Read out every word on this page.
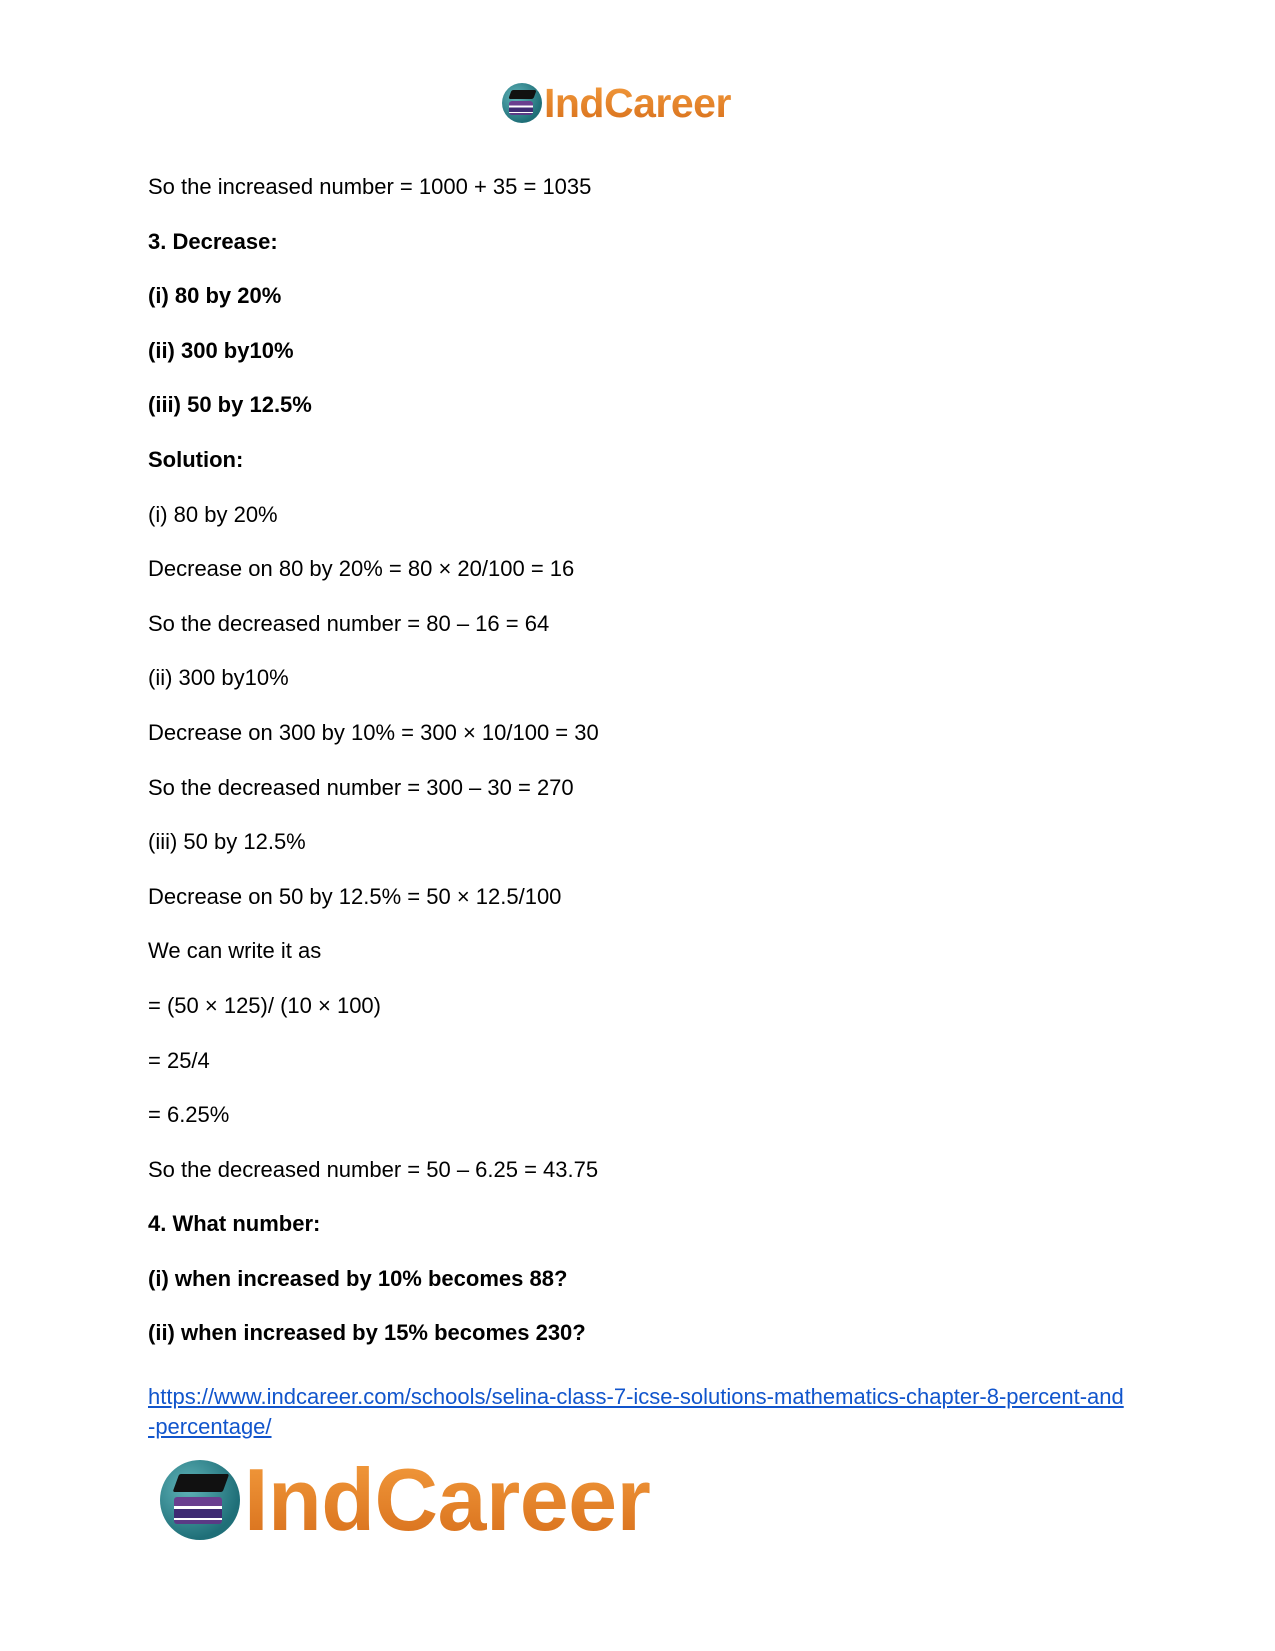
IndCareer
So the increased number = 1000 + 35 = 1035
3. Decrease:
(i) 80 by 20%
(ii) 300 by10%
(iii) 50 by 12.5%
Solution:
(i) 80 by 20%
Decrease on 80 by 20% = 80 × 20/100 = 16
So the decreased number = 80 – 16 = 64
(ii) 300 by10%
Decrease on 300 by 10% = 300 × 10/100 = 30
So the decreased number = 300 – 30 = 270
(iii) 50 by 12.5%
Decrease on 50 by 12.5% = 50 × 12.5/100
We can write it as
= (50 × 125)/ (10 × 100)
= 25/4
= 6.25%
So the decreased number = 50 – 6.25 = 43.75
4. What number:
(i) when increased by 10% becomes 88?
(ii) when increased by 15% becomes 230?
https://www.indcareer.com/schools/selina-class-7-icse-solutions-mathematics-chapter-8-percent-and-percentage/
IndCareer
